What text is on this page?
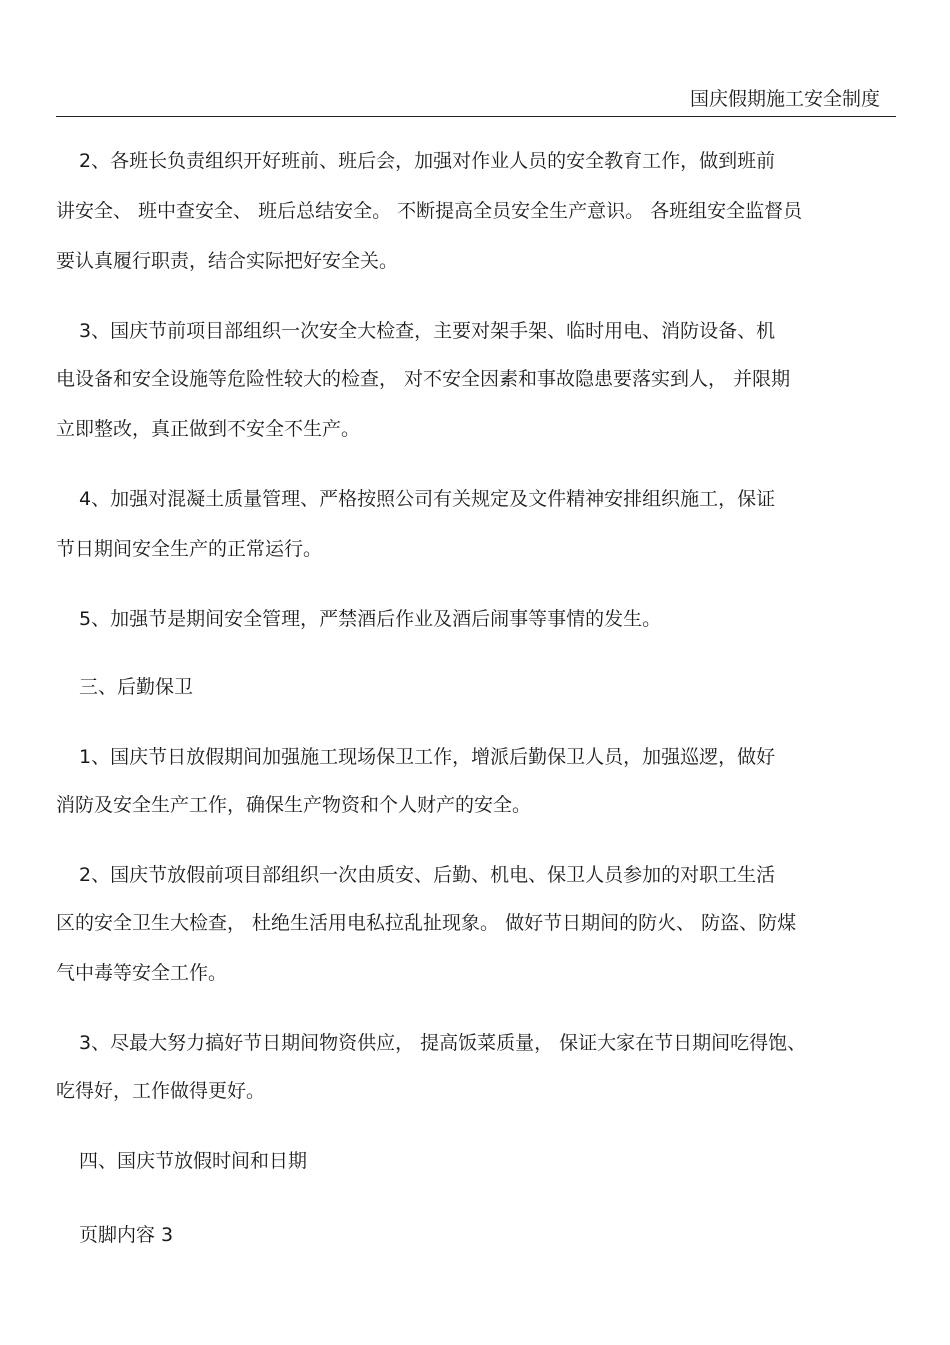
国庆假期施工安全制度
2、各班长负责组织开好班前、班后会，加强对作业人员的安全教育工作，做到班前
讲安全、 班中查安全、 班后总结安全。 不断提高全员安全生产意识。 各班组安全监督员
要认真履行职责，结合实际把好安全关。
3、国庆节前项目部组织一次安全大检查，主要对架手架、临时用电、消防设备、机
电设备和安全设施等危险性较大的检查， 对不安全因素和事故隐患要落实到人， 并限期
立即整改，真正做到不安全不生产。
4、加强对混凝土质量管理、严格按照公司有关规定及文件精神安排组织施工，保证
节日期间安全生产的正常运行。
5、加强节是期间安全管理，严禁酒后作业及酒后闹事等事情的发生。
三、后勤保卫
1、国庆节日放假期间加强施工现场保卫工作，增派后勤保卫人员，加强巡逻，做好
消防及安全生产工作，确保生产物资和个人财产的安全。
2、国庆节放假前项目部组织一次由质安、后勤、机电、保卫人员参加的对职工生活
区的安全卫生大检查， 杜绝生活用电私拉乱扯现象。 做好节日期间的防火、 防盗、防煤
气中毒等安全工作。
3、尽最大努力搞好节日期间物资供应， 提高饭菜质量， 保证大家在节日期间吃得饱、
吃得好，工作做得更好。
四、国庆节放假时间和日期
页脚内容 3
